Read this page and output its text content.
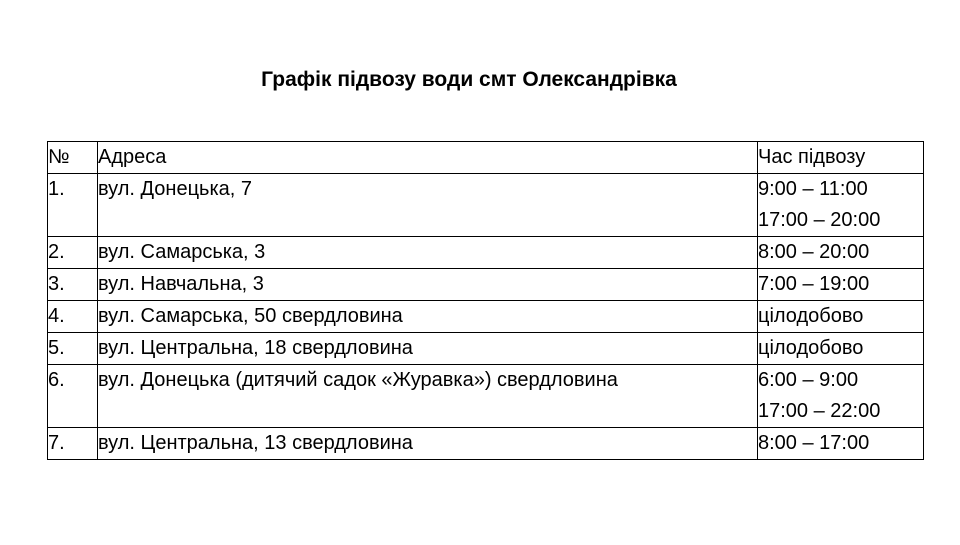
Графік підвозу води смт Олександрівка
№	Адреса	Час підвозу
1.	вул. Донецька, 7	9:00 – 11:00
17:00 – 20:00

2.	вул. Самарська, 3	8:00 – 20:00

3.	вул. Навчальна, 3	7:00 – 19:00

4.	вул. Самарська, 50 свердловина	цілодобово

5.	вул. Центральна, 18 свердловина	цілодобово

6.	вул. Донецька (дитячий садок «Журавка») свердловина	6:00 – 9:00
17:00 – 22:00

7.	вул. Центральна, 13 свердловина	8:00 – 17:00
